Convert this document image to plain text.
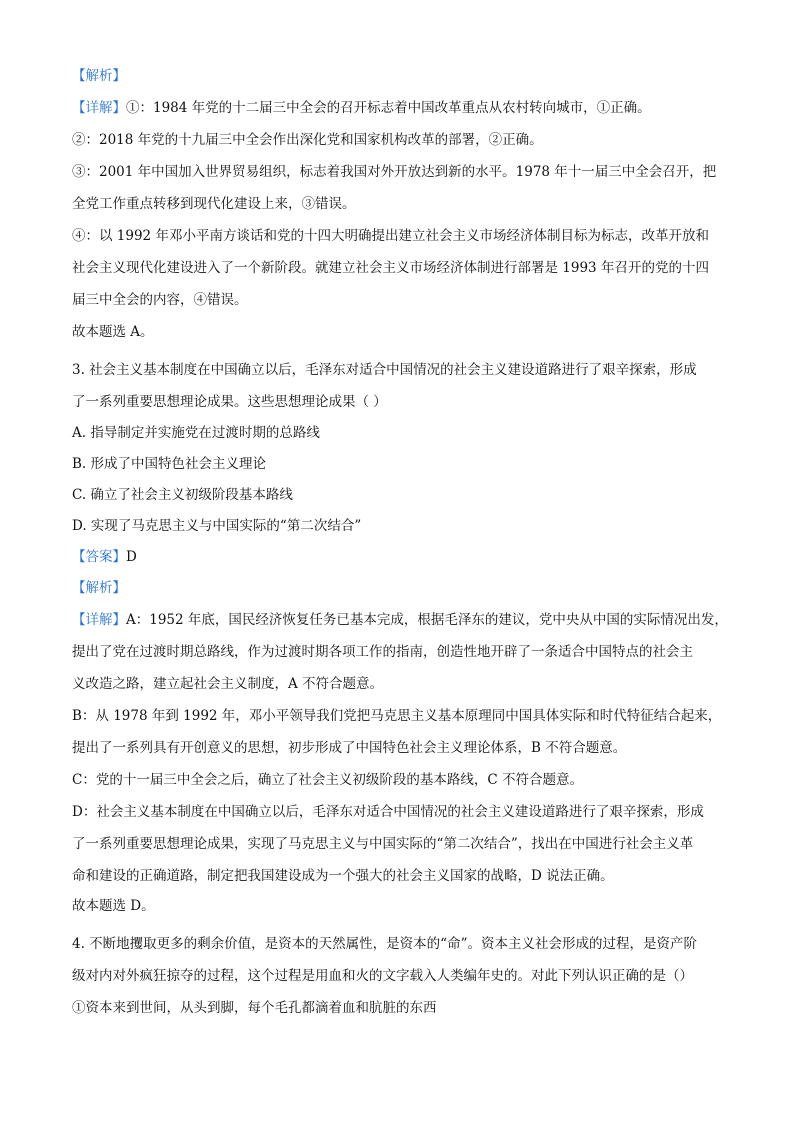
【解析】
【详解】①：1984 年党的十二届三中全会的召开标志着中国改革重点从农村转向城市，①正确。
②：2018 年党的十九届三中全会作出深化党和国家机构改革的部署，②正确。
③：2001 年中国加入世界贸易组织，标志着我国对外开放达到新的水平。1978 年十一届三中全会召开，把
全党工作重点转移到现代化建设上来，③错误。
④：以 1992 年邓小平南方谈话和党的十四大明确提出建立社会主义市场经济体制目标为标志，改革开放和
社会主义现代化建设进入了一个新阶段。就建立社会主义市场经济体制进行部署是 1993 年召开的党的十四
届三中全会的内容，④错误。
故本题选 A。
3. 社会主义基本制度在中国确立以后，毛泽东对适合中国情况的社会主义建设道路进行了艰辛探索，形成
了一系列重要思想理论成果。这些思想理论成果（ ）
A. 指导制定并实施党在过渡时期的总路线
B. 形成了中国特色社会主义理论
C. 确立了社会主义初级阶段基本路线
D. 实现了马克思主义与中国实际的“第二次结合”
【答案】D
【解析】
【详解】A：1952 年底，国民经济恢复任务已基本完成，根据毛泽东的建议，党中央从中国的实际情况出发，
提出了党在过渡时期总路线，作为过渡时期各项工作的指南，创造性地开辟了一条适合中国特点的社会主
义改造之路，建立起社会主义制度，A 不符合题意。
B：从 1978 年到 1992 年，邓小平领导我们党把马克思主义基本原理同中国具体实际和时代特征结合起来，
提出了一系列具有开创意义的思想，初步形成了中国特色社会主义理论体系，B 不符合题意。
C：党的十一届三中全会之后，确立了社会主义初级阶段的基本路线，C 不符合题意。
D：社会主义基本制度在中国确立以后，毛泽东对适合中国情况的社会主义建设道路进行了艰辛探索，形成
了一系列重要思想理论成果，实现了马克思主义与中国实际的“第二次结合”，找出在中国进行社会主义革
命和建设的正确道路，制定把我国建设成为一个强大的社会主义国家的战略，D 说法正确。
故本题选 D。
4. 不断地攫取更多的剩余价值，是资本的天然属性，是资本的“命”。资本主义社会形成的过程，是资产阶
级对内对外疯狂掠夺的过程，这个过程是用血和火的文字载入人类编年史的。对此下列认识正确的是（）
①资本来到世间，从头到脚，每个毛孔都滴着血和肮脏的东西
